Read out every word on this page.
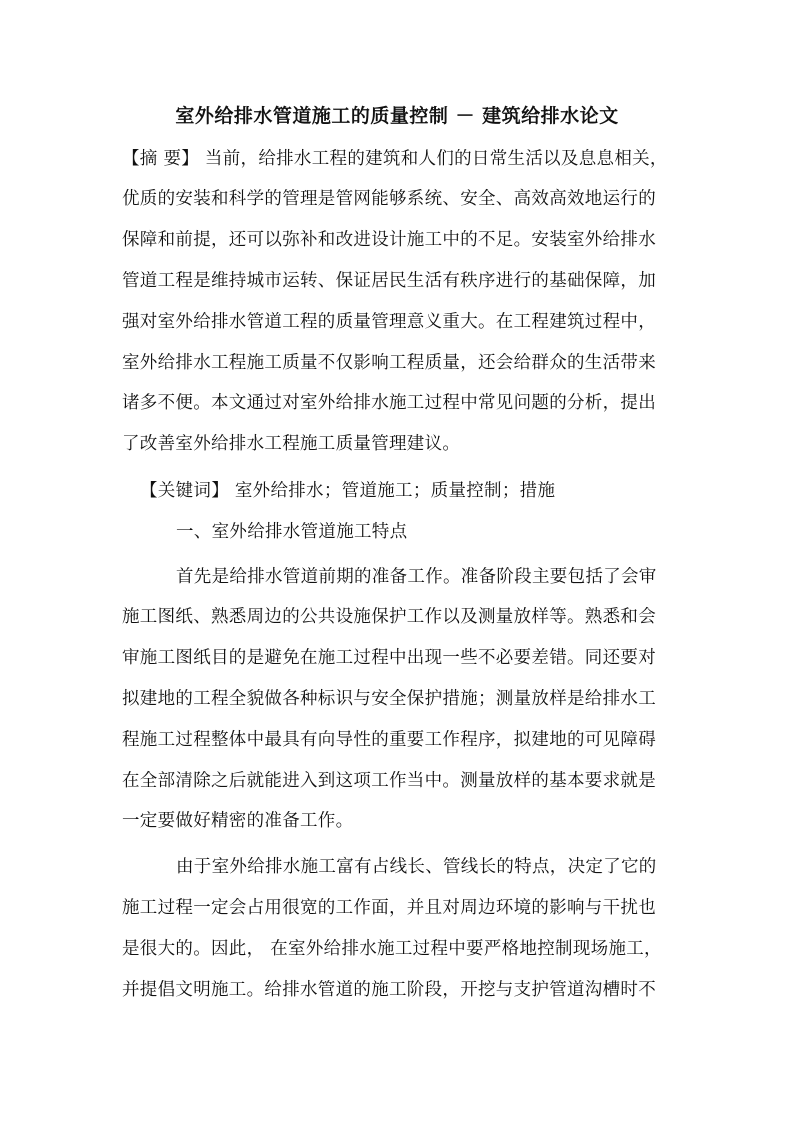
室外给排水管道施工的质量控制 － 建筑给排水论文
【摘 要】 当前，给排水工程的建筑和人们的日常生活以及息息相关，
优质的安装和科学的管理是管网能够系统、安全、高效高效地运行的
保障和前提，还可以弥补和改进设计施工中的不足。安装室外给排水
管道工程是维持城市运转、保证居民生活有秩序进行的基础保障，加
强对室外给排水管道工程的质量管理意义重大。在工程建筑过程中，
室外给排水工程施工质量不仅影响工程质量，还会给群众的生活带来
诸多不便。本文通过对室外给排水施工过程中常见问题的分析，提出
了改善室外给排水工程施工质量管理建议。
【关键词】 室外给排水；管道施工；质量控制；措施
一、室外给排水管道施工特点
首先是给排水管道前期的准备工作。准备阶段主要包括了会审
施工图纸、熟悉周边的公共设施保护工作以及测量放样等。熟悉和会
审施工图纸目的是避免在施工过程中出现一些不必要差错。同还要对
拟建地的工程全貌做各种标识与安全保护措施；测量放样是给排水工
程施工过程整体中最具有向导性的重要工作程序，拟建地的可见障碍
在全部清除之后就能进入到这项工作当中。测量放样的基本要求就是
一定要做好精密的准备工作。
由于室外给排水施工富有占线长、管线长的特点，决定了它的
施工过程一定会占用很宽的工作面，并且对周边环境的影响与干扰也
是很大的。因此， 在室外给排水施工过程中要严格地控制现场施工，
并提倡文明施工。给排水管道的施工阶段，开挖与支护管道沟槽时不
